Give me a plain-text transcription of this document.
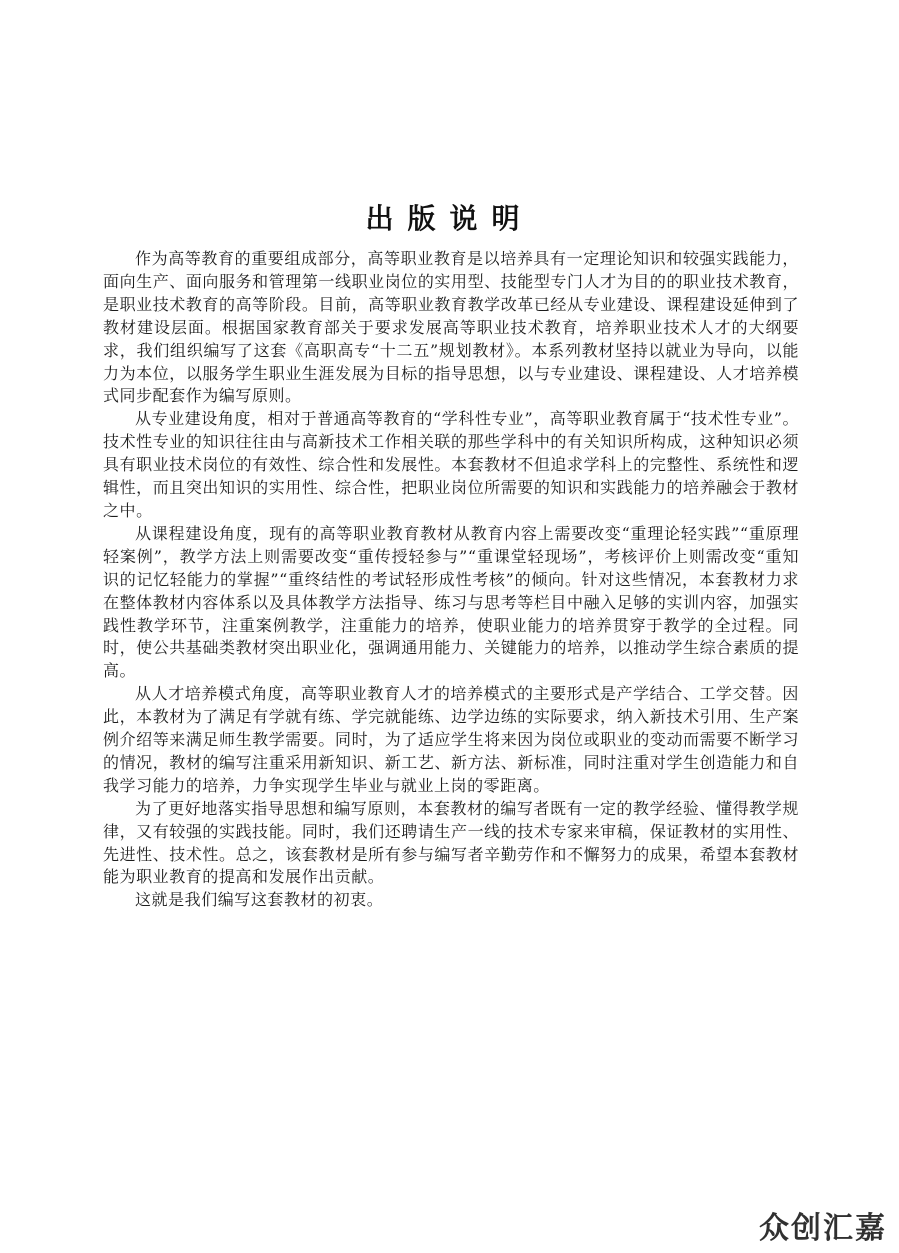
出版说明

作为高等教育的重要组成部分，高等职业教育是以培养具有一定理论知识和较强实践能力，面向生产、面向服务和管理第一线职业岗位的实用型、技能型专门人才为目的的职业技术教育，是职业技术教育的高等阶段。目前，高等职业教育教学改革已经从专业建设、课程建设延伸到了教材建设层面。根据国家教育部关于要求发展高等职业技术教育，培养职业技术人才的大纲要求，我们组织编写了这套《高职高专“十二五”规划教材》。本系列教材坚持以就业为导向，以能力为本位，以服务学生职业生涯发展为目标的指导思想，以与专业建设、课程建设、人才培养模式同步配套作为编写原则。

从专业建设角度，相对于普通高等教育的“学科性专业”，高等职业教育属于“技术性专业”。技术性专业的知识往往由与高新技术工作相关联的那些学科中的有关知识所构成，这种知识必须具有职业技术岗位的有效性、综合性和发展性。本套教材不但追求学科上的完整性、系统性和逻辑性，而且突出知识的实用性、综合性，把职业岗位所需要的知识和实践能力的培养融会于教材之中。

从课程建设角度，现有的高等职业教育教材从教育内容上需要改变“重理论轻实践”“重原理轻案例”，教学方法上则需要改变“重传授轻参与”“重课堂轻现场”，考核评价上则需改变“重知识的记忆轻能力的掌握”“重终结性的考试轻形成性考核”的倾向。针对这些情况，本套教材力求在整体教材内容体系以及具体教学方法指导、练习与思考等栏目中融入足够的实训内容，加强实践性教学环节，注重案例教学，注重能力的培养，使职业能力的培养贯穿于教学的全过程。同时，使公共基础类教材突出职业化，强调通用能力、关键能力的培养，以推动学生综合素质的提高。

从人才培养模式角度，高等职业教育人才的培养模式的主要形式是产学结合、工学交替。因此，本教材为了满足有学就有练、学完就能练、边学边练的实际要求，纳入新技术引用、生产案例介绍等来满足师生教学需要。同时，为了适应学生将来因为岗位或职业的变动而需要不断学习的情况，教材的编写注重采用新知识、新工艺、新方法、新标准，同时注重对学生创造能力和自我学习能力的培养，力争实现学生毕业与就业上岗的零距离。

为了更好地落实指导思想和编写原则，本套教材的编写者既有一定的教学经验、懂得教学规律，又有较强的实践技能。同时，我们还聘请生产一线的技术专家来审稿，保证教材的实用性、先进性、技术性。总之，该套教材是所有参与编写者辛勤劳作和不懈努力的成果，希望本套教材能为职业教育的提高和发展作出贡献。

这就是我们编写这套教材的初衷。

众创汇嘉
